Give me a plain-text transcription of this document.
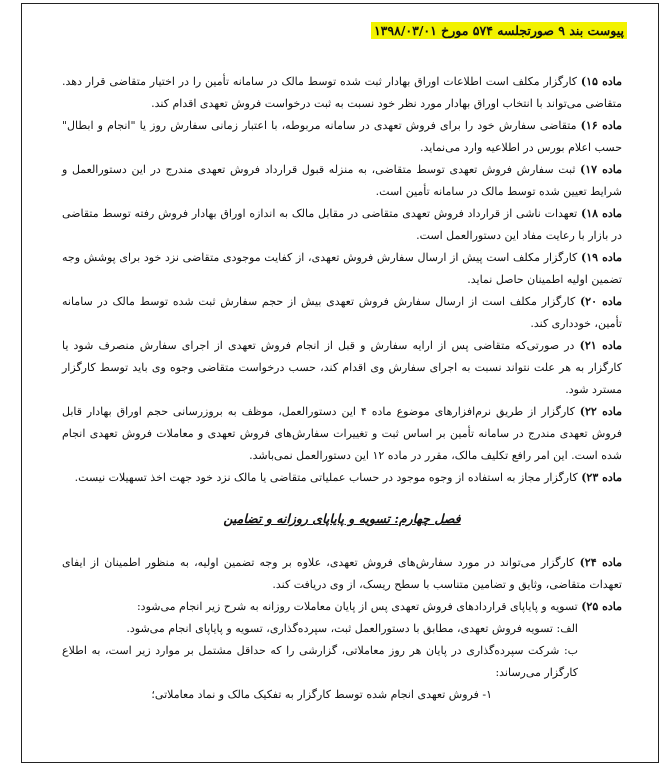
پیوست بند ۹ صورتجلسه ۵۷۴ مورخ ۱۳۹۸/۰۳/۰۱

ماده ۱۵) کارگزار مکلف است اطلاعات اوراق بهادار ثبت شده توسط مالک در سامانه تأمین را در اختیار متقاضی قرار دهد. متقاضی می‌تواند با انتخاب اوراق بهادار مورد نظر خود نسبت به ثبت درخواست فروش تعهدی اقدام کند.

ماده ۱۶) متقاضی سفارش خود را برای فروش تعهدی در سامانه مربوطه، با اعتبار زمانی سفارش روز یا "انجام و ابطال" حسب اعلام بورس در اطلاعیه وارد می‌نماید.

ماده ۱۷) ثبت سفارش فروش تعهدی توسط متقاضی، به منزله قبول قرارداد فروش تعهدی مندرج در این دستورالعمل و شرایط تعیین شده توسط مالک در سامانه تأمین است.

ماده ۱۸) تعهدات ناشی از قرارداد فروش تعهدی متقاضی در مقابل مالک به اندازه اوراق بهادار فروش رفته توسط متقاضی در بازار با رعایت مفاد این دستورالعمل است.

ماده ۱۹) کارگزار مکلف است پیش از ارسال سفارش فروش تعهدی، از کفایت موجودی متقاضی نزد خود برای پوشش وجه تضمین اولیه اطمینان حاصل نماید.

ماده ۲۰) کارگزار مکلف است از ارسال سفارش فروش تعهدی بیش از حجم سفارش ثبت شده توسط مالک در سامانه تأمین، خودداری کند.

ماده ۲۱) در صورتی‌که متقاضی پس از ارایه سفارش و قبل از انجام فروش تعهدی از اجرای سفارش منصرف شود یا کارگزار به هر علت نتواند نسبت به اجرای سفارش وی اقدام کند، حسب درخواست متقاضی وجوه وی باید توسط کارگزار مسترد شود.

ماده ۲۲) کارگزار از طریق نرم‌افزارهای موضوع ماده ۴ این دستورالعمل، موظف به بروزرسانی حجم اوراق بهادار قابل فروش تعهدی مندرج در سامانه تأمین بر اساس ثبت و تغییرات سفارش‌های فروش تعهدی و معاملات فروش تعهدی انجام شده است. این امر رافع تکلیف مالک، مقرر در ماده ۱۲ این دستورالعمل نمی‌باشد.

ماده ۲۳) کارگزار مجاز به استفاده از وجوه موجود در حساب عملیاتی متقاضی یا مالک نزد خود جهت اخذ تسهیلات نیست.

فصل چهارم: تسویه و پایاپای روزانه و تضامین

ماده ۲۴) کارگزار می‌تواند در مورد سفارش‌های فروش تعهدی، علاوه بر وجه تضمین اولیه، به منظور اطمینان از ایفای تعهدات متقاضی، وثایق و تضامین متناسب با سطح ریسک، از وی دریافت کند.

ماده ۲۵) تسویه و پایاپای قراردادهای فروش تعهدی پس از پایان معاملات روزانه به شرح زیر انجام می‌شود:

الف: تسویه فروش تعهدی، مطابق با دستورالعمل ثبت، سپرده‌گذاری، تسویه و پایاپای انجام می‌شود.

ب: شرکت سپرده‌گذاری در پایان هر روز معاملاتی، گزارشی را که حداقل مشتمل بر موارد زیر است، به اطلاع کارگزار می‌رساند:

۱- فروش تعهدی انجام شده توسط کارگزار به تفکیک مالک و نماد معاملاتی؛
